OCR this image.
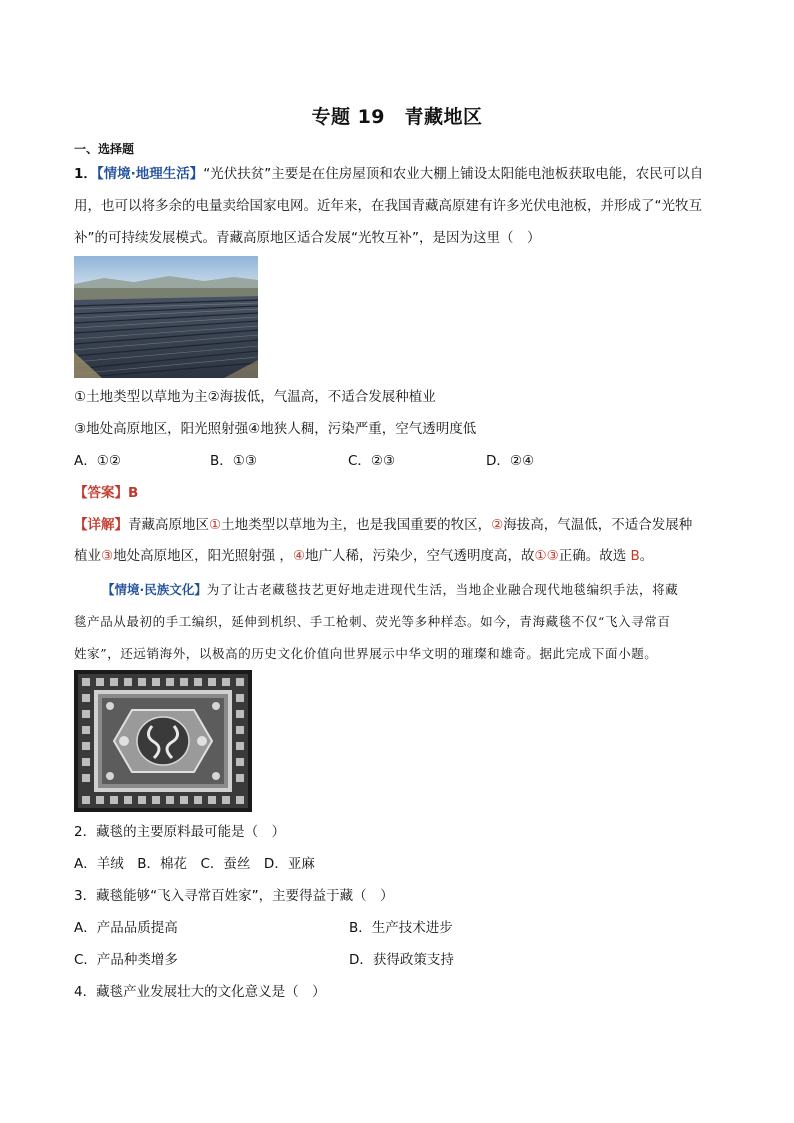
专题 19　青藏地区
一、选择题
1．【情境·地理生活】“光伏扶贫”主要是在住房屋顶和农业大棚上铺设太阳能电池板获取电能，农民可以自
用，也可以将多余的电量卖给国家电网。近年来，在我国青藏高原建有许多光伏电池板，并形成了“光牧互
补”的可持续发展模式。青藏高原地区适合发展“光牧互补”，是因为这里（　）
①土地类型以草地为主②海拔低，气温高，不适合发展种植业
③地处高原地区，阳光照射强④地狭人稠，污染严重，空气透明度低
A．①②	B．①③	C．②③	D．②④
【答案】B
【详解】青藏高原地区①土地类型以草地为主，也是我国重要的牧区，②海拔高，气温低，不适合发展种
植业③地处高原地区，阳光照射强 ，④地广人稀，污染少，空气透明度高，故①③正确。故选 B。
【情境·民族文化】为了让古老藏毯技艺更好地走进现代生活，当地企业融合现代地毯编织手法，将藏
毯产品从最初的手工编织，延伸到机织、手工枪刺、荧光等多种样态。如今，青海藏毯不仅“飞入寻常百
姓家”，还远销海外，以极高的历史文化价值向世界展示中华文明的璀璨和雄奇。据此完成下面小题。
2．藏毯的主要原料最可能是（　）
A．羊绒　B．棉花　C．蚕丝　D．亚麻
3．藏毯能够“飞入寻常百姓家”，主要得益于藏（　）
A．产品品质提高	B．生产技术进步
C．产品种类增多	D．获得政策支持
4．藏毯产业发展壮大的文化意义是（　）
